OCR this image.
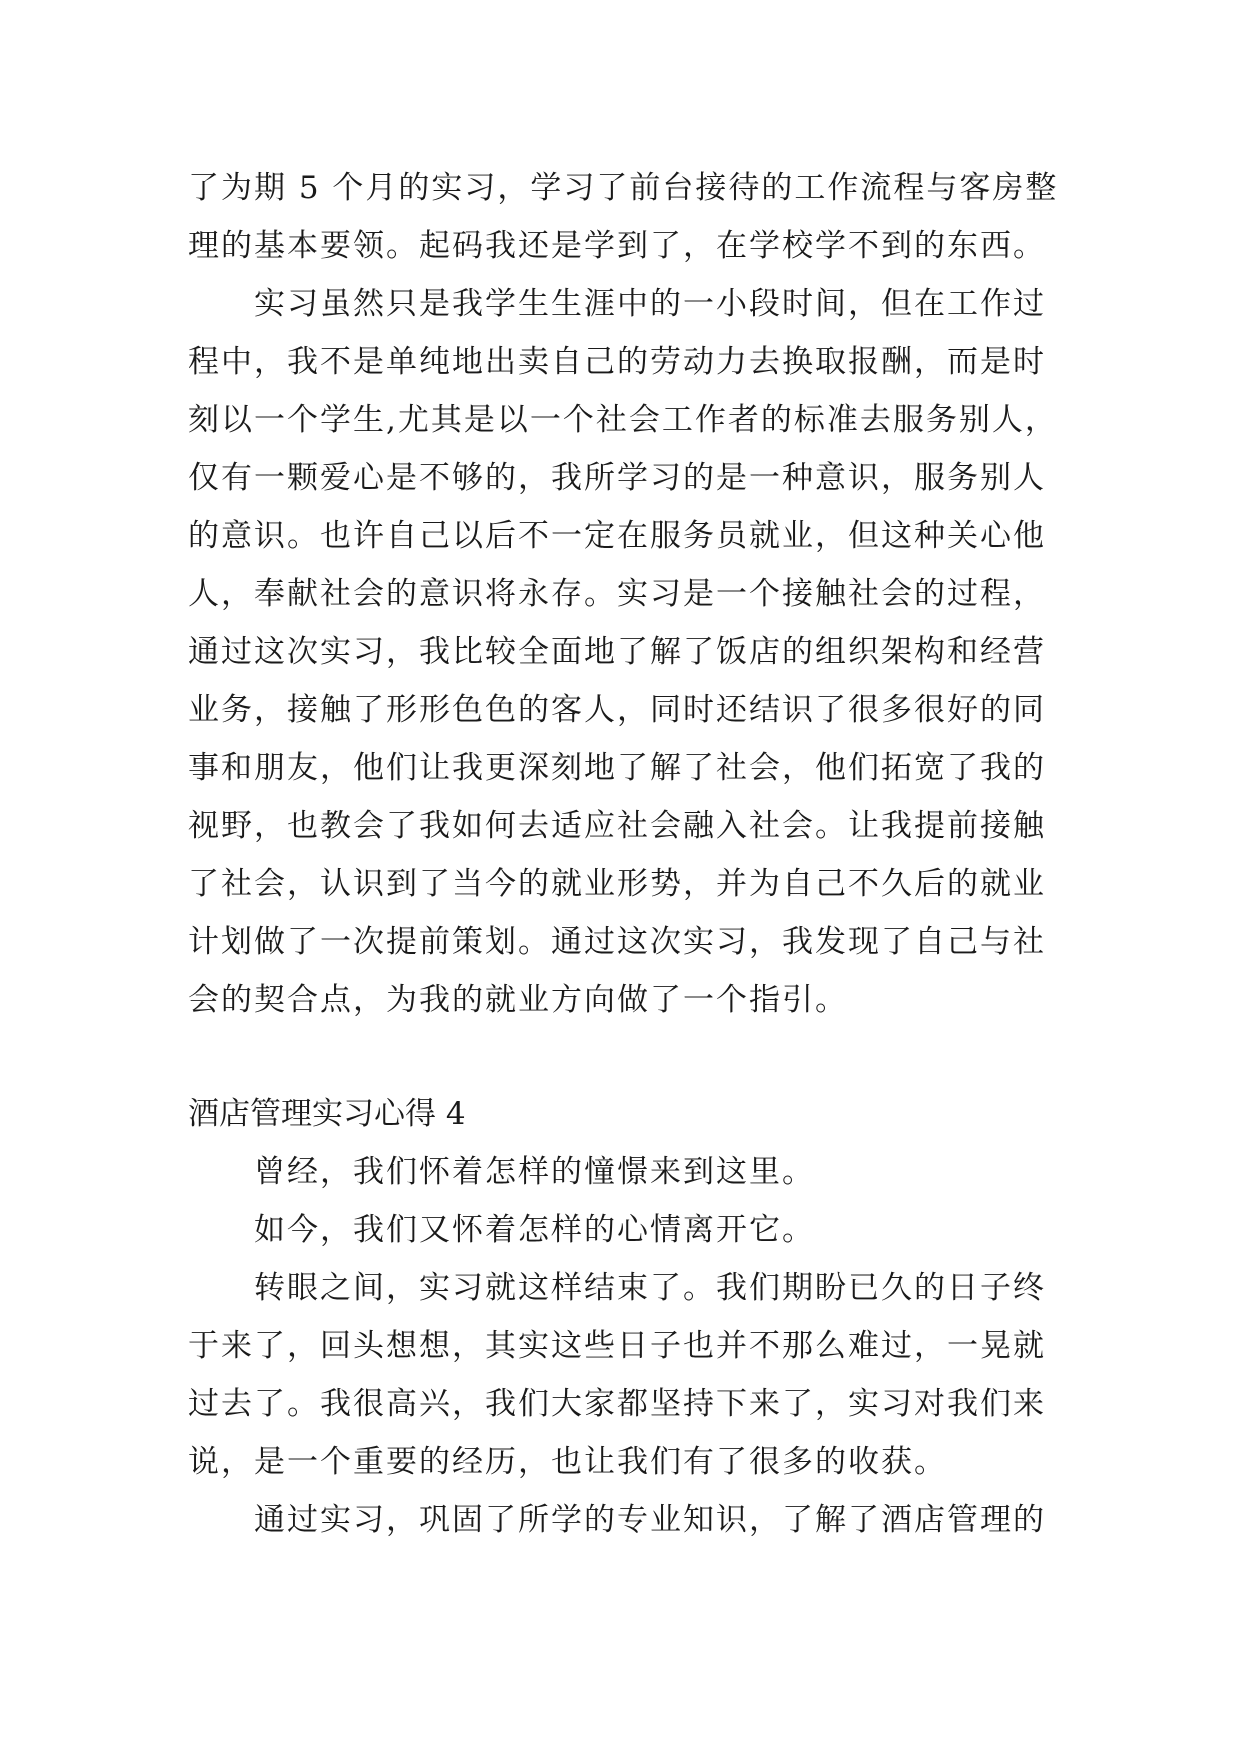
了为期 5 个月的实习，学习了前台接待的工作流程与客房整
理的基本要领。起码我还是学到了，在学校学不到的东西。
实习虽然只是我学生生涯中的一小段时间，但在工作过
程中，我不是单纯地出卖自己的劳动力去换取报酬，而是时
刻以一个学生,尤其是以一个社会工作者的标准去服务别人，
仅有一颗爱心是不够的，我所学习的是一种意识，服务别人
的意识。也许自己以后不一定在服务员就业，但这种关心他
人，奉献社会的意识将永存。实习是一个接触社会的过程，
通过这次实习，我比较全面地了解了饭店的组织架构和经营
业务，接触了形形色色的客人，同时还结识了很多很好的同
事和朋友，他们让我更深刻地了解了社会，他们拓宽了我的
视野，也教会了我如何去适应社会融入社会。让我提前接触
了社会，认识到了当今的就业形势，并为自己不久后的就业
计划做了一次提前策划。通过这次实习，我发现了自己与社
会的契合点，为我的就业方向做了一个指引。
酒店管理实习心得 4
曾经，我们怀着怎样的憧憬来到这里。
如今，我们又怀着怎样的心情离开它。
转眼之间，实习就这样结束了。我们期盼已久的日子终
于来了，回头想想，其实这些日子也并不那么难过，一晃就
过去了。我很高兴，我们大家都坚持下来了，实习对我们来
说，是一个重要的经历，也让我们有了很多的收获。
通过实习，巩固了所学的专业知识，了解了酒店管理的
